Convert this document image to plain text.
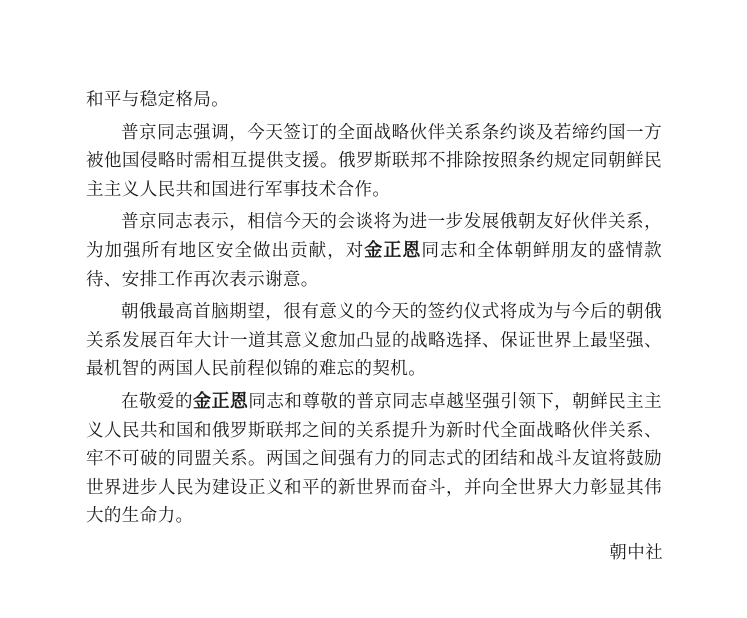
和平与稳定格局。

普京同志强调，今天签订的全面战略伙伴关系条约谈及若缔约国一方被他国侵略时需相互提供支援。俄罗斯联邦不排除按照条约规定同朝鲜民主主义人民共和国进行军事技术合作。

普京同志表示，相信今天的会谈将为进一步发展俄朝友好伙伴关系，为加强所有地区安全做出贡献，对金正恩同志和全体朝鲜朋友的盛情款待、安排工作再次表示谢意。

朝俄最高首脑期望，很有意义的今天的签约仪式将成为与今后的朝俄关系发展百年大计一道其意义愈加凸显的战略选择、保证世界上最坚强、最机智的两国人民前程似锦的难忘的契机。

在敬爱的金正恩同志和尊敬的普京同志卓越坚强引领下，朝鲜民主主义人民共和国和俄罗斯联邦之间的关系提升为新时代全面战略伙伴关系、牢不可破的同盟关系。两国之间强有力的同志式的团结和战斗友谊将鼓励世界进步人民为建设正义和平的新世界而奋斗，并向全世界大力彰显其伟大的生命力。

朝中社
